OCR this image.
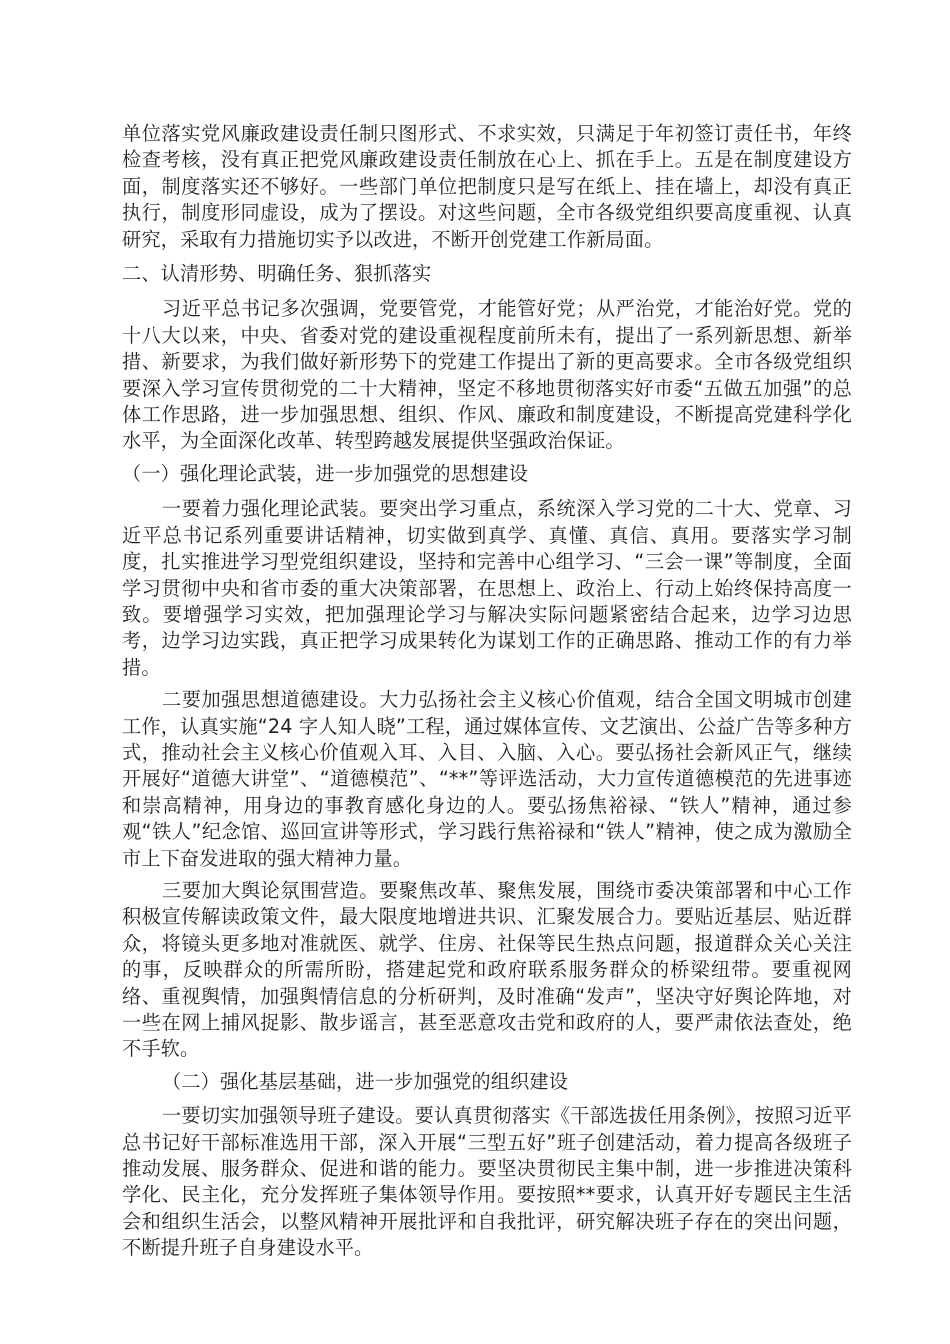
单位落实党风廉政建设责任制只图形式、不求实效，只满足于年初签订责任书，年终检查考核，没有真正把党风廉政建设责任制放在心上、抓在手上。五是在制度建设方面，制度落实还不够好。一些部门单位把制度只是写在纸上、挂在墙上，却没有真正执行，制度形同虚设，成为了摆设。对这些问题，全市各级党组织要高度重视、认真研究，采取有力措施切实予以改进，不断开创党建工作新局面。

二、认清形势、明确任务、狠抓落实

习近平总书记多次强调，党要管党，才能管好党；从严治党，才能治好党。党的十八大以来，中央、省委对党的建设重视程度前所未有，提出了一系列新思想、新举措、新要求，为我们做好新形势下的党建工作提出了新的更高要求。全市各级党组织要深入学习宣传贯彻党的二十大精神，坚定不移地贯彻落实好市委“五做五加强”的总体工作思路，进一步加强思想、组织、作风、廉政和制度建设，不断提高党建科学化水平，为全面深化改革、转型跨越发展提供坚强政治保证。

（一）强化理论武装，进一步加强党的思想建设

一要着力强化理论武装。要突出学习重点，系统深入学习党的二十大、党章、习近平总书记系列重要讲话精神，切实做到真学、真懂、真信、真用。要落实学习制度，扎实推进学习型党组织建设，坚持和完善中心组学习、“三会一课”等制度，全面学习贯彻中央和省市委的重大决策部署，在思想上、政治上、行动上始终保持高度一致。要增强学习实效，把加强理论学习与解决实际问题紧密结合起来，边学习边思考，边学习边实践，真正把学习成果转化为谋划工作的正确思路、推动工作的有力举措。

二要加强思想道德建设。大力弘扬社会主义核心价值观，结合全国文明城市创建工作，认真实施“24 字人知人晓”工程，通过媒体宣传、文艺演出、公益广告等多种方式，推动社会主义核心价值观入耳、入目、入脑、入心。要弘扬社会新风正气，继续开展好“道德大讲堂”、“道德模范”、“**”等评选活动，大力宣传道德模范的先进事迹和崇高精神，用身边的事教育感化身边的人。要弘扬焦裕禄、“铁人”精神，通过参观“铁人”纪念馆、巡回宣讲等形式，学习践行焦裕禄和“铁人”精神，使之成为激励全市上下奋发进取的强大精神力量。

三要加大舆论氛围营造。要聚焦改革、聚焦发展，围绕市委决策部署和中心工作积极宣传解读政策文件，最大限度地增进共识、汇聚发展合力。要贴近基层、贴近群众，将镜头更多地对准就医、就学、住房、社保等民生热点问题，报道群众关心关注的事，反映群众的所需所盼，搭建起党和政府联系服务群众的桥梁纽带。要重视网络、重视舆情，加强舆情信息的分析研判，及时准确“发声”，坚决守好舆论阵地，对一些在网上捕风捉影、散步谣言，甚至恶意攻击党和政府的人，要严肃依法查处，绝不手软。

（二）强化基层基础，进一步加强党的组织建设

一要切实加强领导班子建设。要认真贯彻落实《干部选拔任用条例》，按照习近平总书记好干部标准选用干部，深入开展“三型五好”班子创建活动，着力提高各级班子推动发展、服务群众、促进和谐的能力。要坚决贯彻民主集中制，进一步推进决策科学化、民主化，充分发挥班子集体领导作用。要按照**要求，认真开好专题民主生活会和组织生活会，以整风精神开展批评和自我批评，研究解决班子存在的突出问题，不断提升班子自身建设水平。
